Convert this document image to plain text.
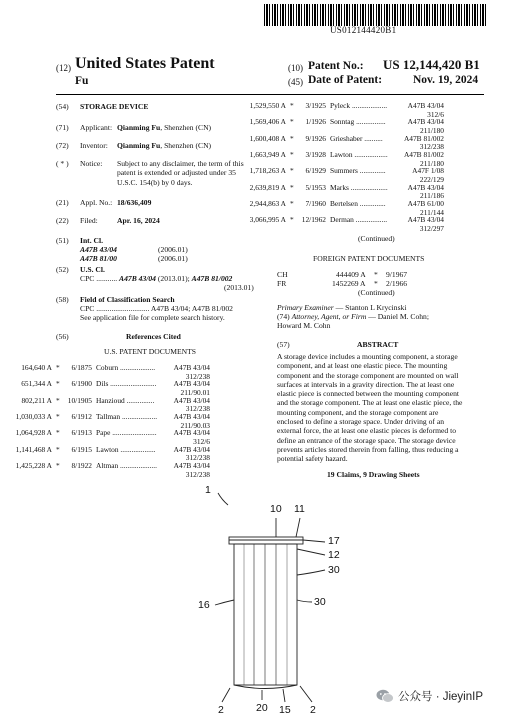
US012144420B1
(12) United States Patent
Fu
(10) Patent No.: US 12,144,420 B1
(45) Date of Patent:	Nov. 19, 2024
(54) STORAGE DEVICE
(71) Applicant: Qianming Fu, Shenzhen (CN)
(72) Inventor: Qianming Fu, Shenzhen (CN)
( * ) Notice: Subject to any disclaimer, the term of this
patent is extended or adjusted under 35
U.S.C. 154(b) by 0 days.
(21) Appl. No.: 18/636,409
(22) Filed:	Apr. 16, 2024
(51) Int. Cl.
A47B 43/04	(2006.01)
A47B 81/00	(2006.01)
(52) U.S. Cl.
CPC ........... A47B 43/04 (2013.01); A47B 81/002
(2013.01)
(58) Field of Classification Search
CPC ............................ A47B 43/04; A47B 81/002
See application file for complete search history.
(56)	References Cited
U.S. PATENT DOCUMENTS
164,640 A *	6/1875 Coburn ...................	A47B 43/04
312/238
651,344 A *	6/1900 Dils .........................	A47B 43/04
211/90.01
802,211 A *	10/1905 Hanzioud ...............	A47B 43/04
312/238
1,030,033 A *	6/1912 Tallman ...................	A47B 43/04
211/90.03
1,064,928 A *	6/1913 Pape ........................	A47B 43/04
312/6
1,141,468 A *	6/1915 Lawton ...................	A47B 43/04
312/238
1,425,228 A *	8/1922 Altman ....................	A47B 43/04
312/238
1,529,550 A *	3/1925 Pyleck ...................	A47B 43/04
312/6
1,569,406 A *	1/1926 Sonntag ................	A47B 43/04
211/180
1,600,408 A *	9/1926 Grieshaber ..........	A47B 81/002
312/238
1,663,949 A *	3/1928 Lawton ..................	A47B 81/002
211/180
1,718,263 A *	6/1929 Summers ..............	A47F 1/08
222/129
2,639,819 A *	5/1953 Marks ....................	A47B 43/04
211/186
2,944,863 A *	7/1960 Bertelsen ..............	A47B 61/00
211/144
3,066,995 A *	12/1962 Derman .................	A47B 43/04
312/297
(Continued)
FOREIGN PATENT DOCUMENTS
CH	444409 A * 9/1967
FR	1452269 A * 2/1966
(Continued)
Primary Examiner — Stanton L Krycinski
(74) Attorney, Agent, or Firm — Daniel M. Cohn;
Howard M. Cohn
(57)	ABSTRACT
A storage device includes a mounting component, a storage
component, and at least one elastic piece. The mounting
component and the storage component are mounted on wall
surfaces at intervals in a gravity direction. The at least one
elastic piece is connected between the mounting component
and the storage component. The at least one elastic piece, the
mounting component, and the storage component are
enclosed to define a storage space. Under driving of an
external force, the at least one elastic pieces is deformed to
define an entrance of the storage space. The storage device
prevents articles stored therein from falling, thus reducing a
potential safety hazard.
19 Claims, 9 Drawing Sheets
1
10 11
17
12
30
16	30
2	20 15 2
公众号 · JieyinIP
